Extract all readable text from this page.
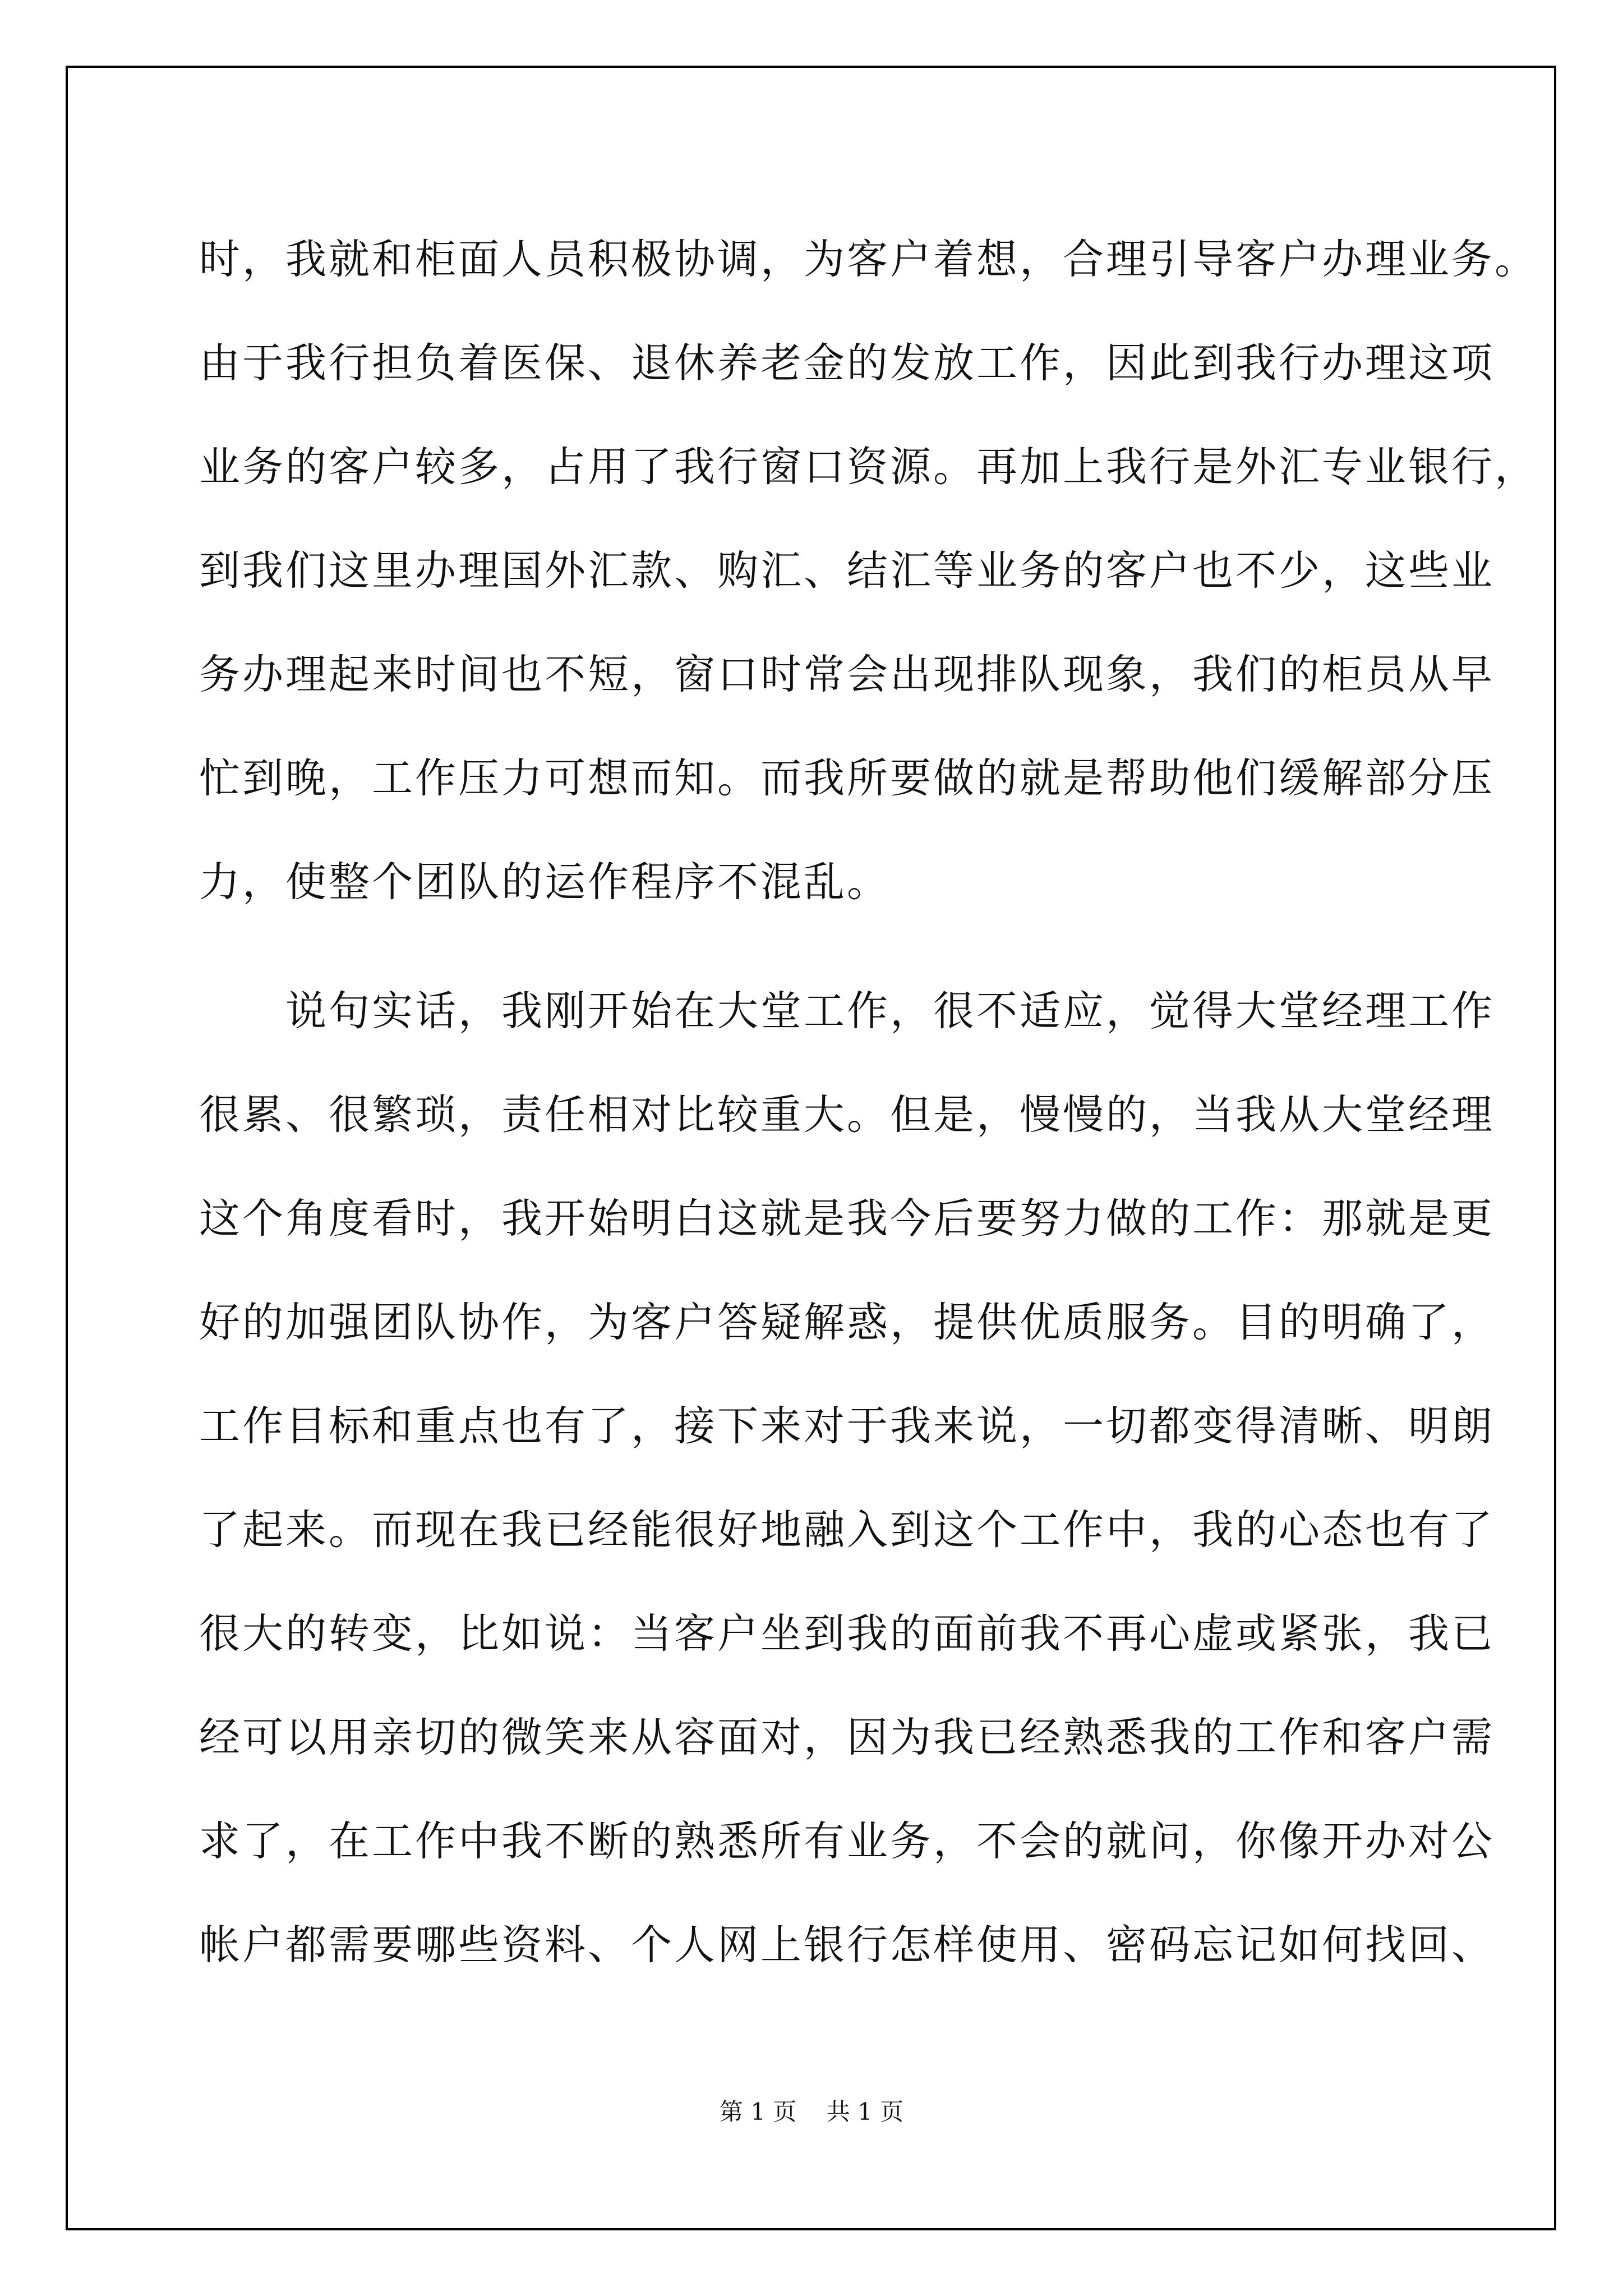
时，我就和柜面人员积极协调，为客户着想，合理引导客户办理业务。
由于我行担负着医保、退休养老金的发放工作，因此到我行办理这项
业务的客户较多，占用了我行窗口资源。再加上我行是外汇专业银行，
到我们这里办理国外汇款、购汇、结汇等业务的客户也不少，这些业
务办理起来时间也不短，窗口时常会出现排队现象，我们的柜员从早
忙到晚，工作压力可想而知。而我所要做的就是帮助他们缓解部分压
力，使整个团队的运作程序不混乱。
　　说句实话，我刚开始在大堂工作，很不适应，觉得大堂经理工作
很累、很繁琐，责任相对比较重大。但是，慢慢的，当我从大堂经理
这个角度看时，我开始明白这就是我今后要努力做的工作：那就是更
好的加强团队协作，为客户答疑解惑，提供优质服务。目的明确了，
工作目标和重点也有了，接下来对于我来说，一切都变得清晰、明朗
了起来。而现在我已经能很好地融入到这个工作中，我的心态也有了
很大的转变，比如说：当客户坐到我的面前我不再心虚或紧张，我已
经可以用亲切的微笑来从容面对，因为我已经熟悉我的工作和客户需
求了，在工作中我不断的熟悉所有业务，不会的就问，你像开办对公
帐户都需要哪些资料、个人网上银行怎样使用、密码忘记如何找回、
第 1 页 共 1 页
